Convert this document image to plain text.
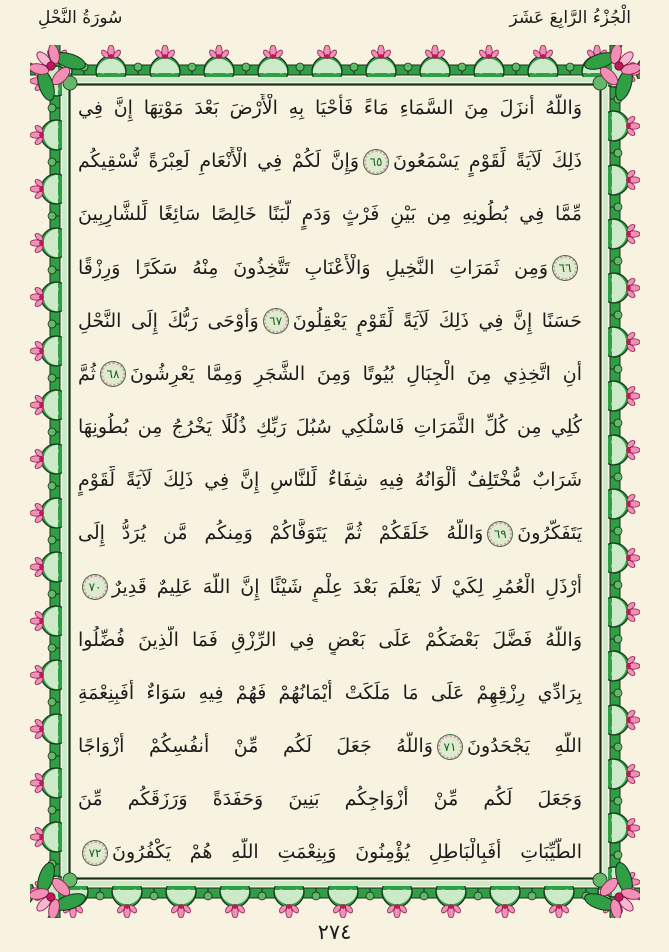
الْجُزْءُ الرَّابِعَ عَشَرَ
سُورَةُ النَّحْلِ
وَاللَّهُ أَنزَلَ مِنَ السَّمَاءِ مَاءً فَأَحْيَا بِهِ الْأَرْضَ بَعْدَ مَوْتِهَا إِنَّ فِي
ذَلِكَ لَآيَةً لِّقَوْمٍ يَسْمَعُونَ٦٥وَإِنَّ لَكُمْ فِي الْأَنْعَامِ لَعِبْرَةً نُّسْقِيكُم
مِّمَّا فِي بُطُونِهِ مِن بَيْنِ فَرْثٍ وَدَمٍ لَّبَنًا خَالِصًا سَائِغًا لِّلشَّارِبِينَ
٦٦وَمِن ثَمَرَاتِ النَّخِيلِ وَالْأَعْنَابِ تَتَّخِذُونَ مِنْهُ سَكَرًا وَرِزْقًا
حَسَنًا إِنَّ فِي ذَلِكَ لَآيَةً لِّقَوْمٍ يَعْقِلُونَ٦٧وَأَوْحَى رَبُّكَ إِلَى النَّحْلِ
أَنِ اتَّخِذِي مِنَ الْجِبَالِ بُيُوتًا وَمِنَ الشَّجَرِ وَمِمَّا يَعْرِشُونَ٦٨ثُمَّ
كُلِي مِن كُلِّ الثَّمَرَاتِ فَاسْلُكِي سُبُلَ رَبِّكِ ذُلُلًا يَخْرُجُ مِن بُطُونِهَا
شَرَابٌ مُّخْتَلِفٌ أَلْوَانُهُ فِيهِ شِفَاءٌ لِّلنَّاسِ إِنَّ فِي ذَلِكَ لَآيَةً لِّقَوْمٍ
يَتَفَكَّرُونَ٦٩وَاللَّهُ خَلَقَكُمْ ثُمَّ يَتَوَفَّاكُمْ وَمِنكُم مَّن يُرَدُّ إِلَى
أَرْذَلِ الْعُمُرِ لِكَيْ لَا يَعْلَمَ بَعْدَ عِلْمٍ شَيْئًا إِنَّ اللَّهَ عَلِيمٌ قَدِيرٌ٧٠
وَاللَّهُ فَضَّلَ بَعْضَكُمْ عَلَى بَعْضٍ فِي الرِّزْقِ فَمَا الَّذِينَ فُضِّلُوا
بِرَادِّي رِزْقِهِمْ عَلَى مَا مَلَكَتْ أَيْمَانُهُمْ فَهُمْ فِيهِ سَوَاءٌ أَفَبِنِعْمَةِ
اللَّهِ يَجْحَدُونَ٧١وَاللَّهُ جَعَلَ لَكُم مِّنْ أَنفُسِكُمْ أَزْوَاجًا
وَجَعَلَ لَكُم مِّنْ أَزْوَاجِكُم بَنِينَ وَحَفَدَةً وَرَزَقَكُم مِّنَ
الطَّيِّبَاتِ أَفَبِالْبَاطِلِ يُؤْمِنُونَ وَبِنِعْمَتِ اللَّهِ هُمْ يَكْفُرُونَ٧٢
٢٧٤
